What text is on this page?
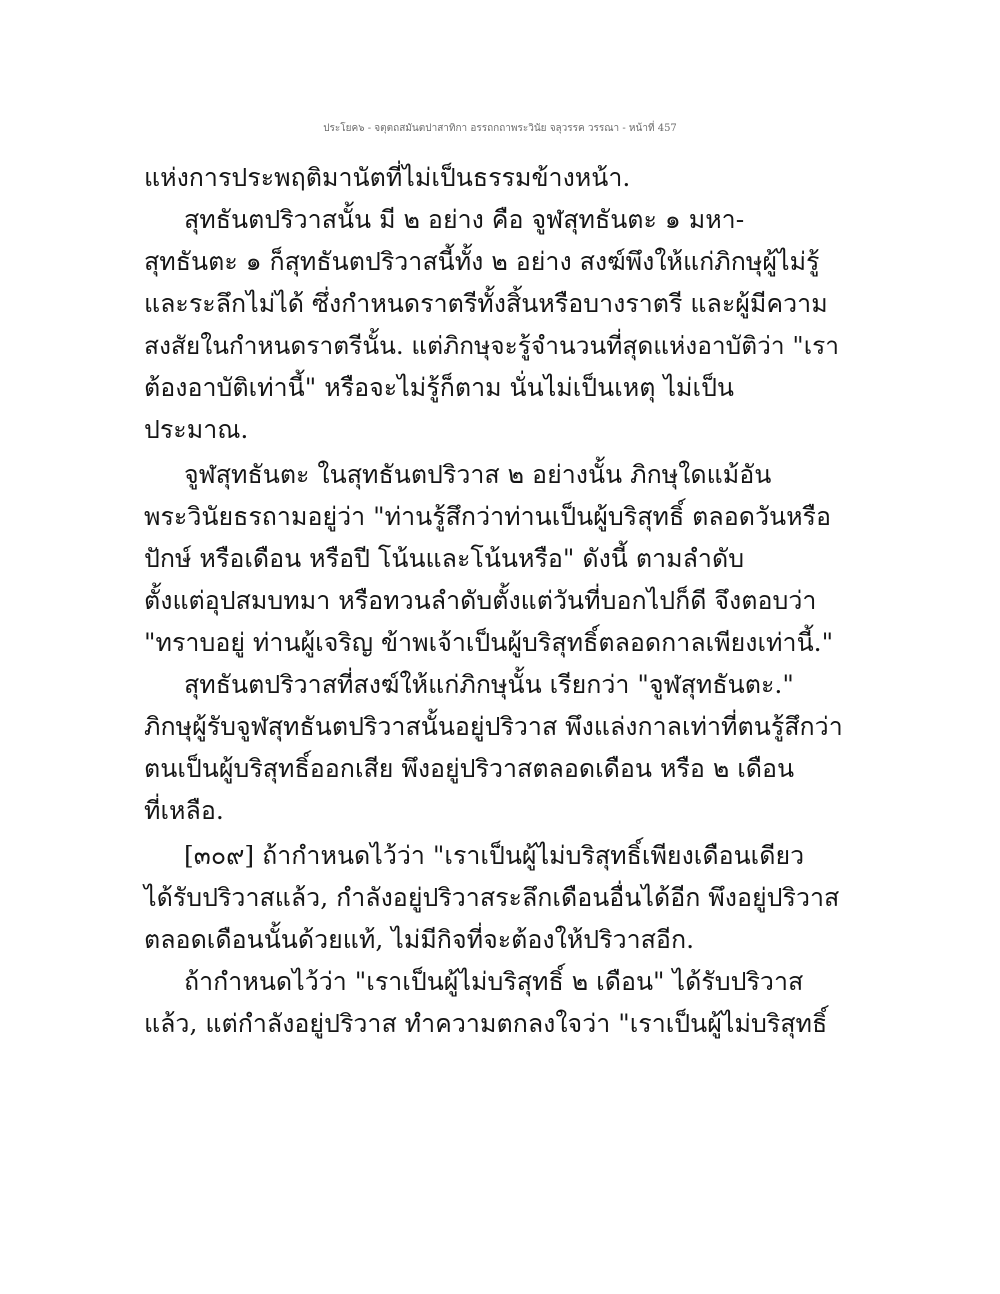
ประโยค๖ - จตุตถสมันตปาสาทิกา อรรถกถาพระวินัย จลุวรรค วรรณา - หน้าที่ 457
แห่งการประพฤติมานัตที่ไม่เป็นธรรมข้างหน้า.
สุทธันตปริวาสนั้น มี ๒ อย่าง คือ จูฬสุทธันตะ ๑ มหา-
สุทธันตะ ๑ ก็สุทธันตปริวาสนี้ทั้ง ๒ อย่าง สงฆ์พึงให้แก่ภิกษุผู้ไม่รู้
และระลึกไม่ได้ ซึ่งกำหนดราตรีทั้งสิ้นหรือบางราตรี และผู้มีความ
สงสัยในกำหนดราตรีนั้น. แต่ภิกษุจะรู้จำนวนที่สุดแห่งอาบัติว่า "เรา
ต้องอาบัติเท่านี้" หรือจะไม่รู้ก็ตาม นั่นไม่เป็นเหตุ ไม่เป็น
ประมาณ.
จูฬสุทธันตะ ในสุทธันตปริวาส ๒ อย่างนั้น ภิกษุใดแม้อัน
พระวินัยธรถามอยู่ว่า "ท่านรู้สึกว่าท่านเป็นผู้บริสุทธิ์ ตลอดวันหรือ
ปักษ์ หรือเดือน หรือปี โน้นและโน้นหรือ" ดังนี้ ตามลำดับ
ตั้งแต่อุปสมบทมา หรือทวนลำดับตั้งแต่วันที่บอกไปก็ดี จึงตอบว่า
"ทราบอยู่ ท่านผู้เจริญ ข้าพเจ้าเป็นผู้บริสุทธิ์ตลอดกาลเพียงเท่านี้."
สุทธันตปริวาสที่สงฆ์ให้แก่ภิกษุนั้น เรียกว่า "จูฬสุทธันตะ."
ภิกษุผู้รับจูฬสุทธันตปริวาสนั้นอยู่ปริวาส พึงแล่งกาลเท่าที่ตนรู้สึกว่า
ตนเป็นผู้บริสุทธิ์ออกเสีย พึงอยู่ปริวาสตลอดเดือน หรือ ๒ เดือน
ที่เหลือ.
[๓๐๙] ถ้ากำหนดไว้ว่า "เราเป็นผู้ไม่บริสุทธิ์เพียงเดือนเดียว
ได้รับปริวาสแล้ว, กำลังอยู่ปริวาสระลึกเดือนอื่นได้อีก พึงอยู่ปริวาส
ตลอดเดือนนั้นด้วยแท้, ไม่มีกิจที่จะต้องให้ปริวาสอีก.
ถ้ากำหนดไว้ว่า "เราเป็นผู้ไม่บริสุทธิ์ ๒ เดือน" ได้รับปริวาส
แล้ว, แต่กำลังอยู่ปริวาส ทำความตกลงใจว่า "เราเป็นผู้ไม่บริสุทธิ์
